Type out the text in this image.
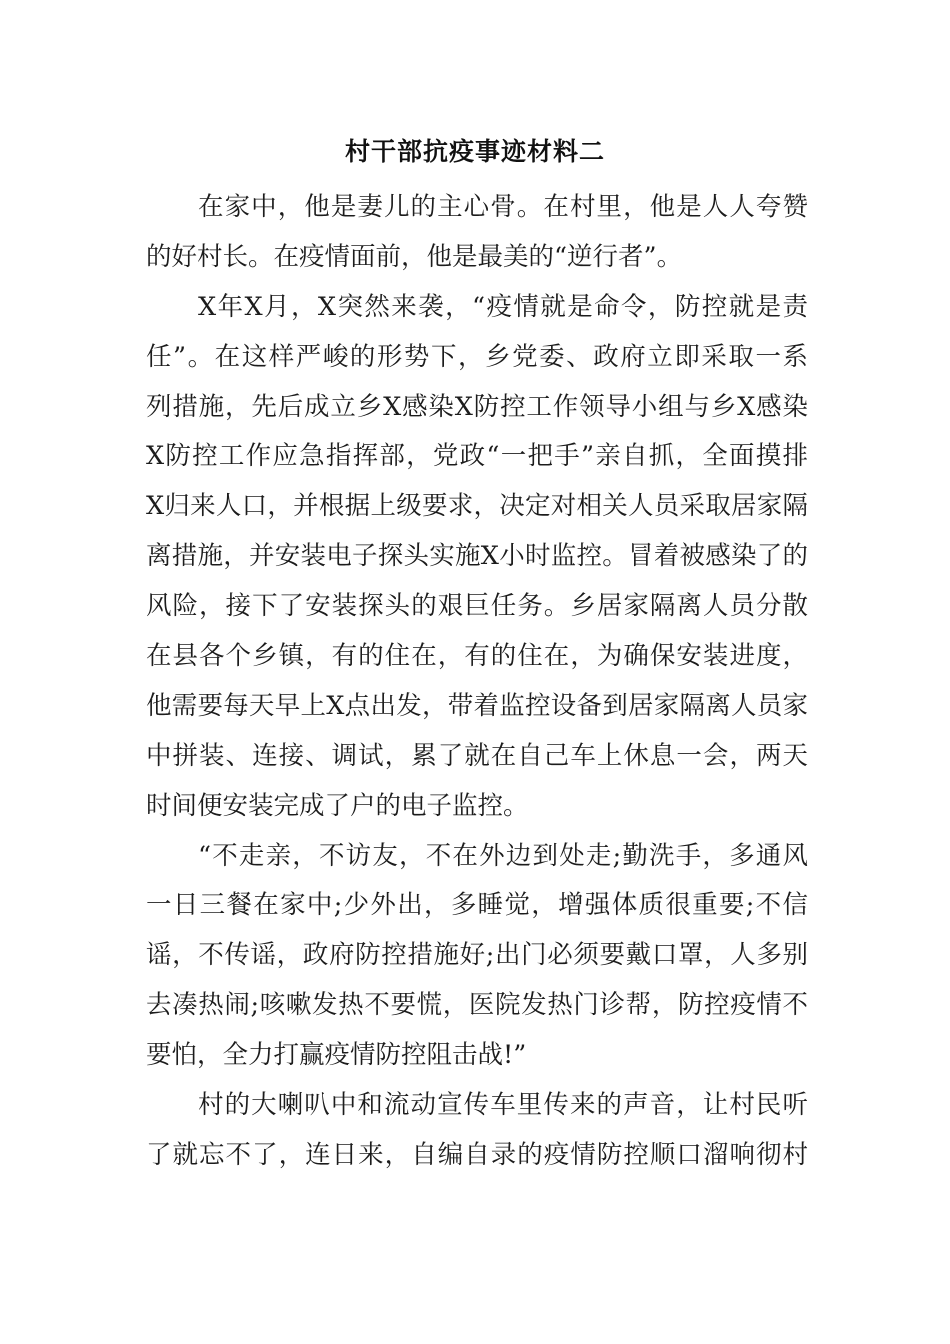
村干部抗疫事迹材料二
在家中，他是妻儿的主心骨。在村里，他是人人夸赞
的好村长。在疫情面前，他是最美的“逆行者”。
X年X月，X突然来袭，“疫情就是命令，防控就是责
任”。在这样严峻的形势下，乡党委、政府立即采取一系
列措施，先后成立乡X感染X防控工作领导小组与乡X感染
X防控工作应急指挥部，党政“一把手”亲自抓，全面摸排
X归来人口，并根据上级要求，决定对相关人员采取居家隔
离措施，并安装电子探头实施X小时监控。冒着被感染了的
风险，接下了安装探头的艰巨任务。乡居家隔离人员分散
在县各个乡镇，有的住在，有的住在，为确保安装进度，
他需要每天早上X点出发，带着监控设备到居家隔离人员家
中拼装、连接、调试，累了就在自己车上休息一会，两天
时间便安装完成了户的电子监控。
“不走亲，不访友，不在外边到处走;勤洗手，多通风
一日三餐在家中;少外出，多睡觉，增强体质很重要;不信
谣，不传谣，政府防控措施好;出门必须要戴口罩，人多别
去凑热闹;咳嗽发热不要慌，医院发热门诊帮，防控疫情不
要怕，全力打赢疫情防控阻击战!”
村的大喇叭中和流动宣传车里传来的声音，让村民听
了就忘不了，连日来，自编自录的疫情防控顺口溜响彻村
